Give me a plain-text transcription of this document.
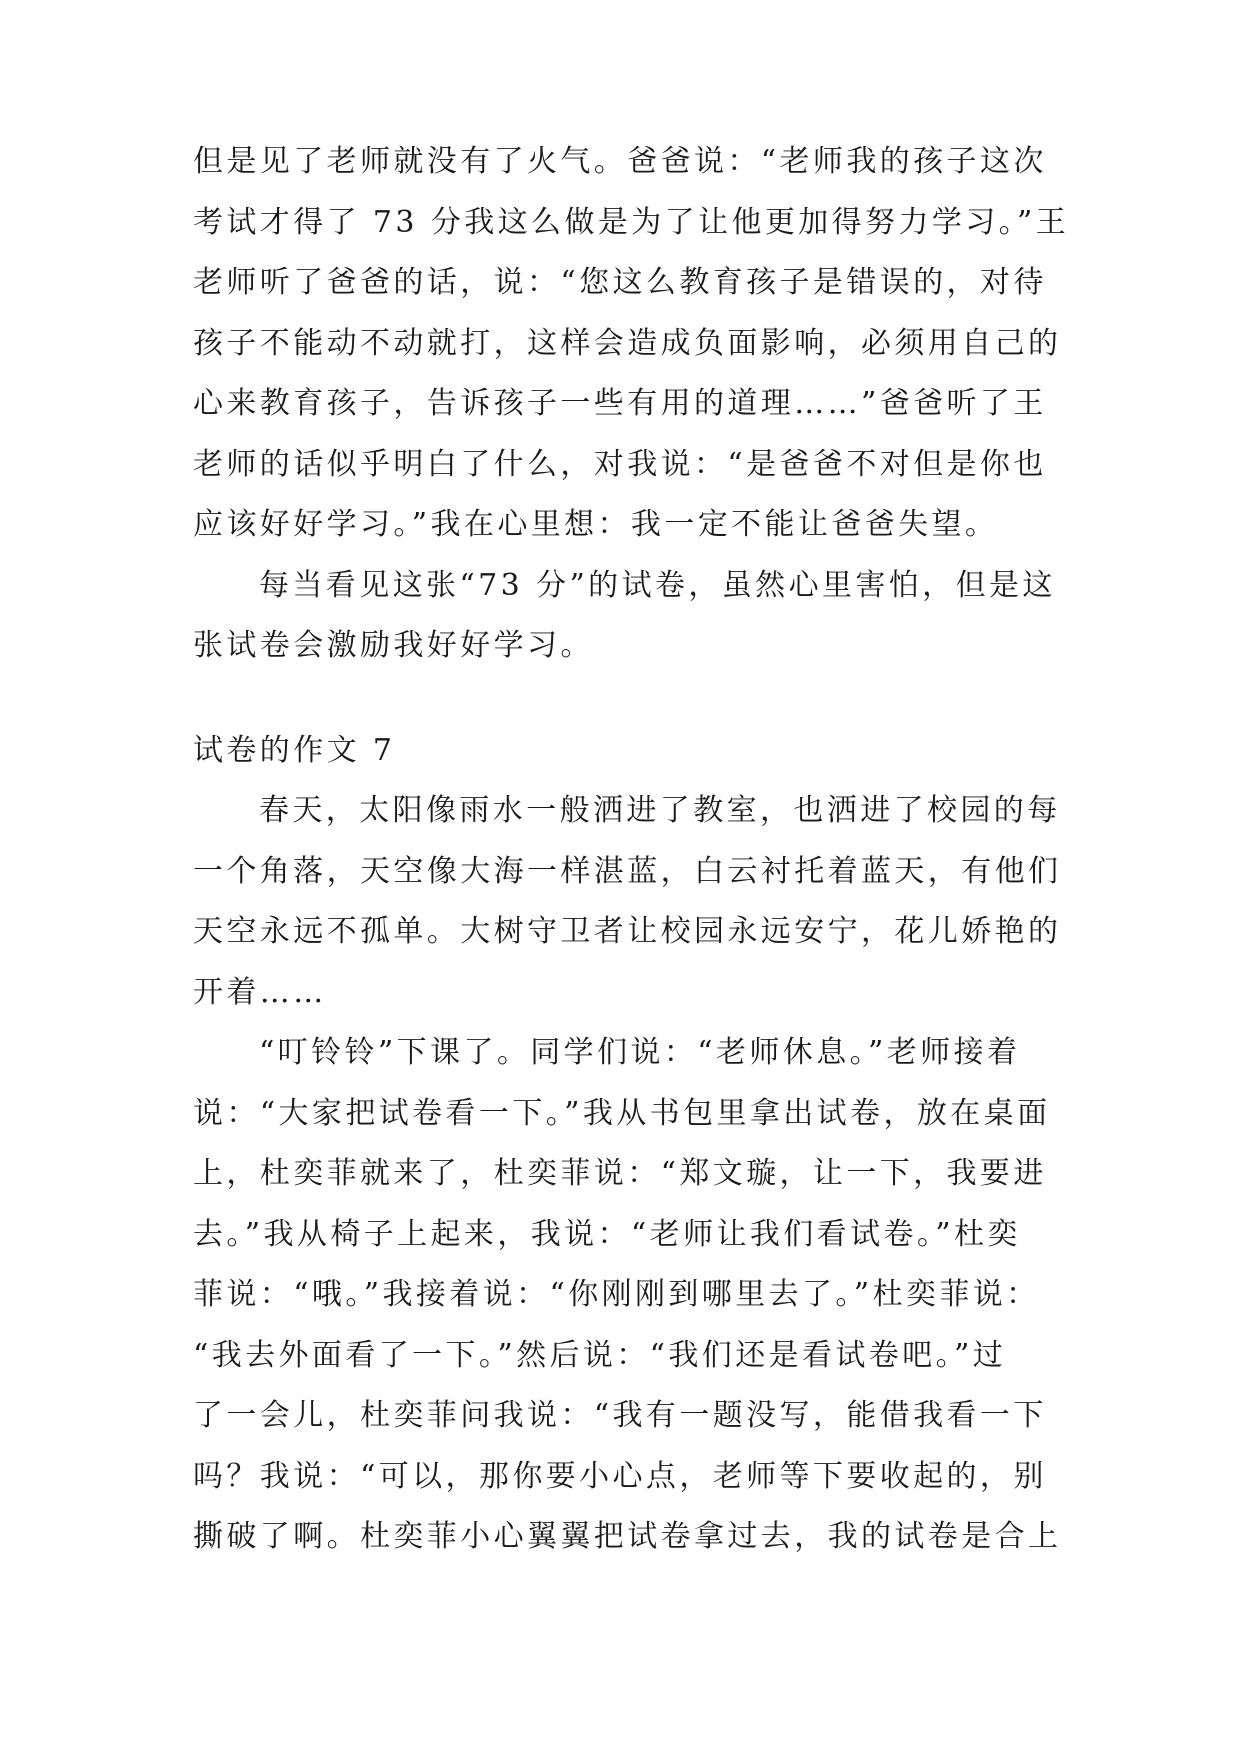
但是见了老师就没有了火气。爸爸说：“老师我的孩子这次
考试才得了 73 分我这么做是为了让他更加得努力学习。”王
老师听了爸爸的话，说：“您这么教育孩子是错误的，对待
孩子不能动不动就打，这样会造成负面影响，必须用自己的
心来教育孩子，告诉孩子一些有用的道理……”爸爸听了王
老师的话似乎明白了什么，对我说：“是爸爸不对但是你也
应该好好学习。”我在心里想：我一定不能让爸爸失望。
每当看见这张“73 分”的试卷，虽然心里害怕，但是这
张试卷会激励我好好学习。
试卷的作文 7
春天，太阳像雨水一般洒进了教室，也洒进了校园的每
一个角落，天空像大海一样湛蓝，白云衬托着蓝天，有他们
天空永远不孤单。大树守卫者让校园永远安宁，花儿娇艳的
开着……
“叮铃铃”下课了。同学们说：“老师休息。”老师接着
说：“大家把试卷看一下。”我从书包里拿出试卷，放在桌面
上，杜奕菲就来了，杜奕菲说：“郑文璇，让一下，我要进
去。”我从椅子上起来，我说：“老师让我们看试卷。”杜奕
菲说：“哦。”我接着说：“你刚刚到哪里去了。”杜奕菲说：
“我去外面看了一下。”然后说：“我们还是看试卷吧。”过
了一会儿，杜奕菲问我说：“我有一题没写，能借我看一下
吗？我说：“可以，那你要小心点，老师等下要收起的，别
撕破了啊。杜奕菲小心翼翼把试卷拿过去，我的试卷是合上
